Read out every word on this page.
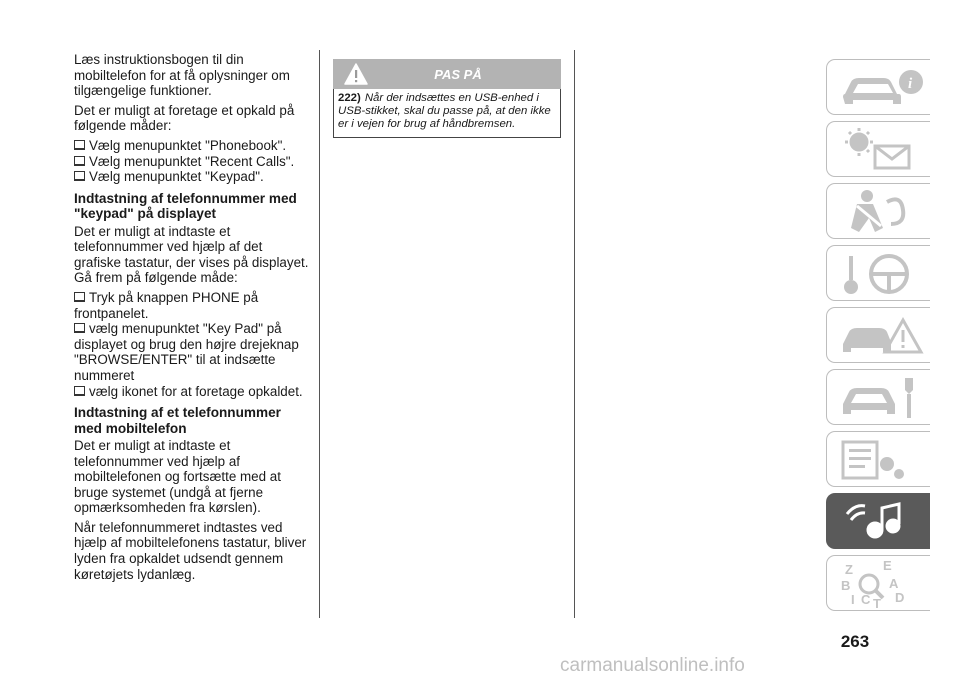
Læs instruktionsbogen til din mobiltelefon for at få oplysninger om tilgængelige funktioner.

Det er muligt at foretage et opkald på følgende måder:

Vælg menupunktet "Phonebook".
Vælg menupunktet "Recent Calls".
Vælg menupunktet "Keypad".
Indtastning af telefonnummer med "keypad" på displayet

Det er muligt at indtaste et telefonnummer ved hjælp af det grafiske tastatur, der vises på displayet. Gå frem på følgende måde:

Tryk på knappen PHONE på frontpanelet.
vælg menupunktet "Key Pad" på displayet og brug den højre drejeknap "BROWSE/ENTER" til at indsætte nummeret
vælg ikonet for at foretage opkaldet.
Indtastning af et telefonnummer med mobiltelefon

Det er muligt at indtaste et telefonnummer ved hjælp af mobiltelefonen og fortsætte med at bruge systemet (undgå at fjerne opmærksomheden fra kørslen).

Når telefonnummeret indtastes ved hjælp af mobiltelefonens tastatur, bliver lyden fra opkaldet udsendt gennem køretøjets lydanlæg.

PAS PÅ
222) Når der indsættes en USB-enhed i USB-stikket, skal du passe på, at den ikke er i vejen for brug af håndbremsen.
i
Z E
B	A
I C T D
263
carmanualsonline.info
